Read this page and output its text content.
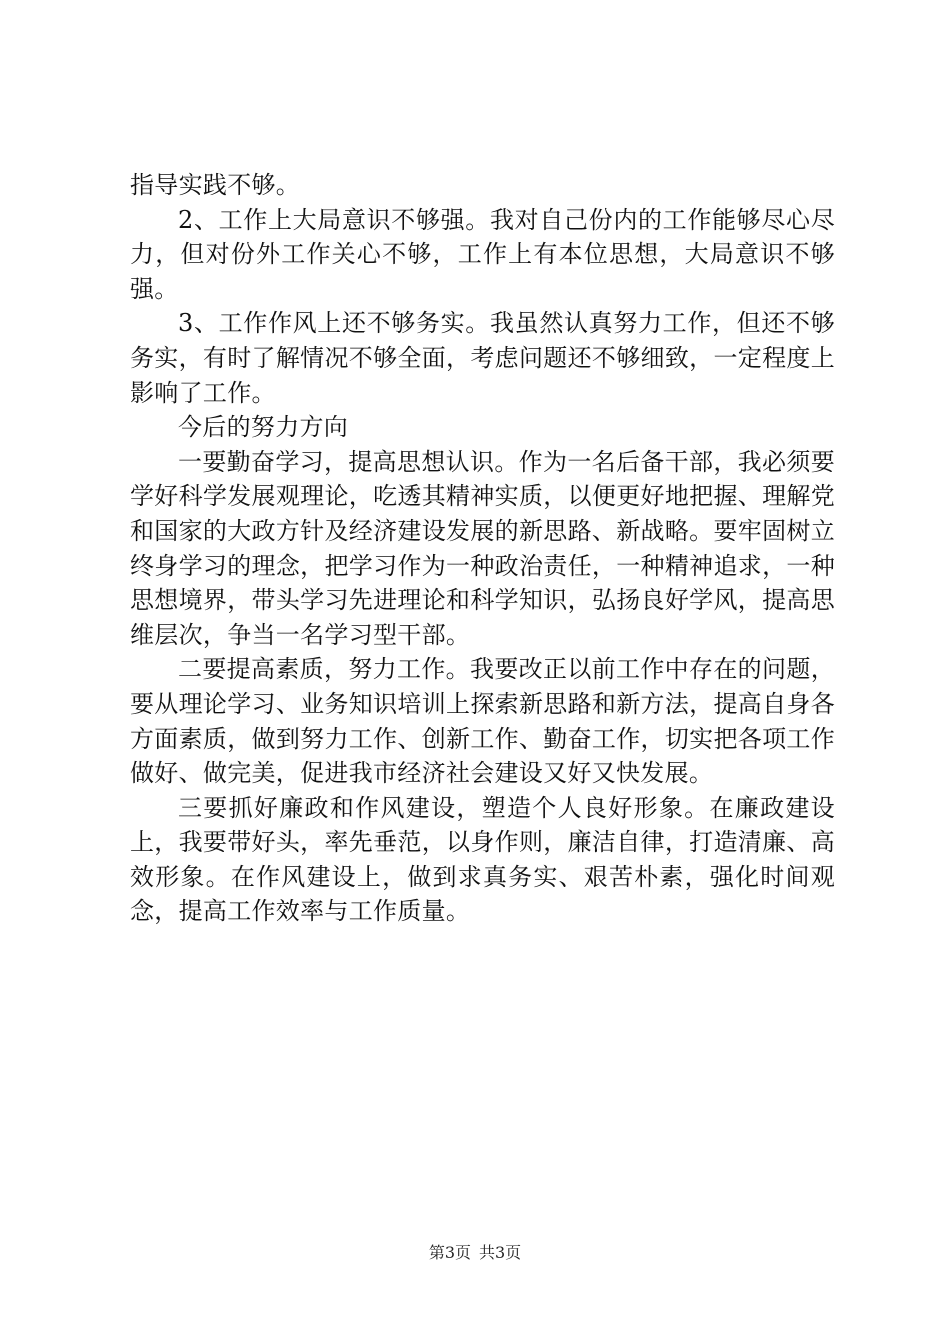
指导实践不够。

2、工作上大局意识不够强。我对自己份内的工作能够尽心尽力，但对份外工作关心不够，工作上有本位思想，大局意识不够强。

3、工作作风上还不够务实。我虽然认真努力工作，但还不够务实，有时了解情况不够全面，考虑问题还不够细致，一定程度上影响了工作。

今后的努力方向

一要勤奋学习，提高思想认识。作为一名后备干部，我必须要学好科学发展观理论，吃透其精神实质，以便更好地把握、理解党和国家的大政方针及经济建设发展的新思路、新战略。要牢固树立终身学习的理念，把学习作为一种政治责任，一种精神追求，一种思想境界，带头学习先进理论和科学知识，弘扬良好学风，提高思维层次，争当一名学习型干部。

二要提高素质，努力工作。我要改正以前工作中存在的问题，要从理论学习、业务知识培训上探索新思路和新方法，提高自身各方面素质，做到努力工作、创新工作、勤奋工作，切实把各项工作做好、做完美，促进我市经济社会建设又好又快发展。

三要抓好廉政和作风建设，塑造个人良好形象。在廉政建设上，我要带好头，率先垂范，以身作则，廉洁自律，打造清廉、高效形象。在作风建设上，做到求真务实、艰苦朴素，强化时间观念，提高工作效率与工作质量。

第3页 共3页
